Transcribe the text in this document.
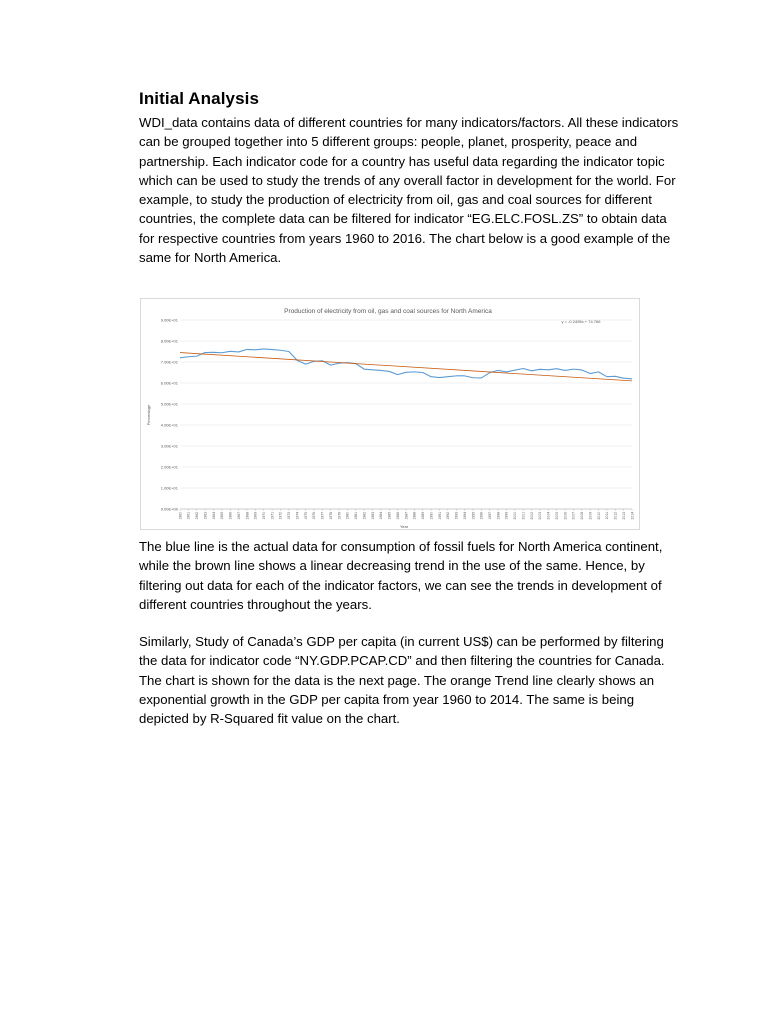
Initial Analysis

WDI_data contains data of different countries for many indicators/factors. All these indicators can be grouped together into 5 different groups: people, planet, prosperity, peace and partnership. Each indicator code for a country has useful data regarding the indicator topic which can be used to study the trends of any overall factor in development for the world. For example, to study the production of electricity from oil, gas and coal sources for different countries, the complete data can be filtered for indicator “EG.ELC.FOSL.ZS” to obtain data for respective countries from years 1960 to 2016. The chart below is a good example of the same for North America.

Production of electricity from oil, gas and coal sources for North America
y = -0.2495x + 74.766
Percentage
Year
0.00E+00
1.00E+01
2.00E+01
3.00E+01
4.00E+01
5.00E+01
6.00E+01
7.00E+01
8.00E+01
9.00E+01
1960 1961 1962 1963 1964 1965 1966 1967 1968 1969 1970 1971 1972 1973 1974 1975 1976 1977 1978 1979 1980 1981 1982 1983 1984 1985 1986 1987 1988 1989 1990 1991 1992 1993 1994 1995 1996 1997 1998 1999 2000 2001 2002 2003 2004 2005 2006 2007 2008 2009 2010 2011 2012 2013 2014

The blue line is the actual data for consumption of fossil fuels for North America continent, while the brown line shows a linear decreasing trend in the use of the same. Hence, by filtering out data for each of the indicator factors, we can see the trends in development of different countries throughout the years.

Similarly, Study of Canada’s GDP per capita (in current US$) can be performed by filtering the data for indicator code “NY.GDP.PCAP.CD” and then filtering the countries for Canada. The chart is shown for the data is the next page. The orange Trend line clearly shows an exponential growth in the GDP per capita from year 1960 to 2014. The same is being depicted by R-Squared fit value on the chart.
